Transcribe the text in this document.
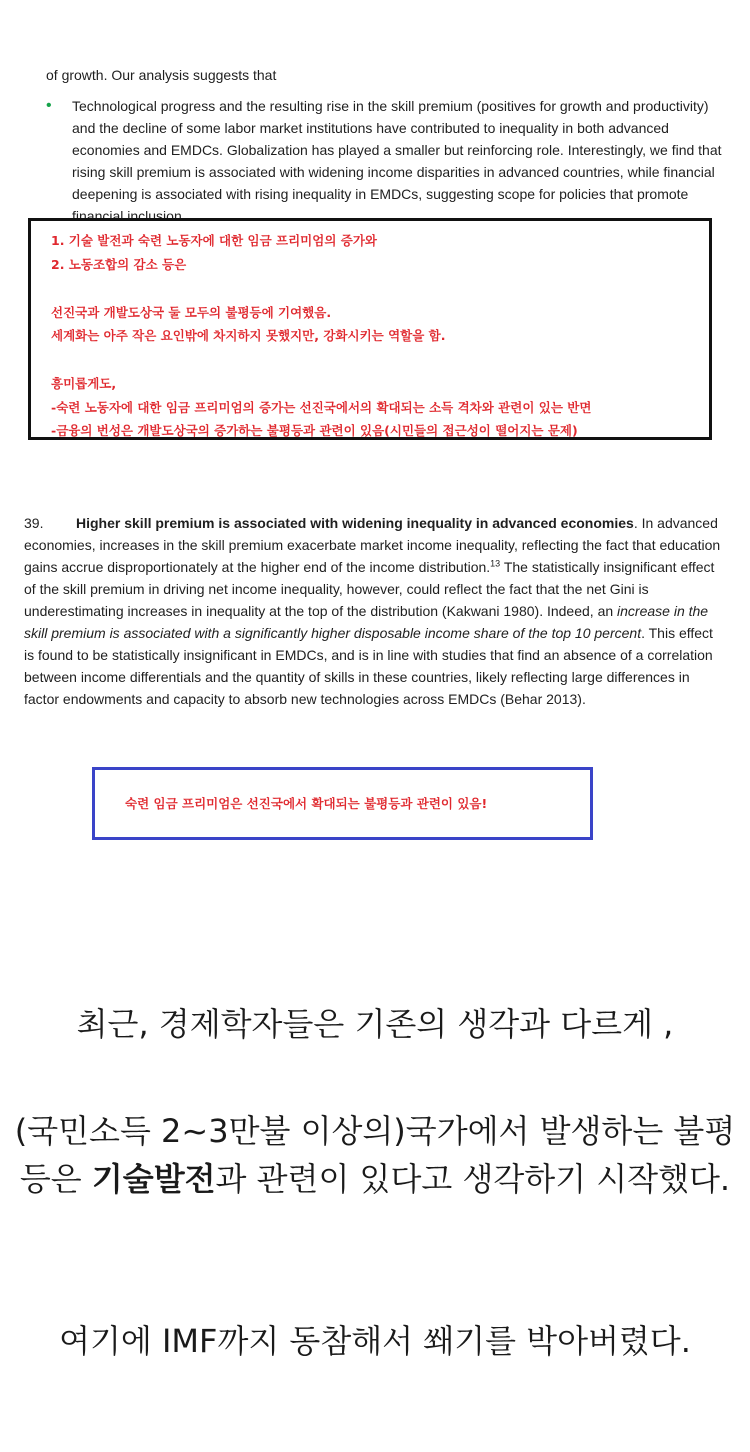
of growth. Our analysis suggests that
• Technological progress and the resulting rise in the skill premium (positives for growth and productivity) and the decline of some labor market institutions have contributed to inequality in both advanced economies and EMDCs. Globalization has played a smaller but reinforcing role. Interestingly, we find that rising skill premium is associated with widening income disparities in advanced countries, while financial deepening is associated with rising inequality in EMDCs, suggesting scope for policies that promote financial inclusion.

1. 기술 발전과 숙련 노동자에 대한 임금 프리미엄의 증가와
2. 노동조합의 감소 등은
선진국과 개발도상국 둘 모두의 불평등에 기여했음.
세계화는 아주 작은 요인밖에 차지하지 못했지만, 강화시키는 역할을 함.
흥미롭게도,
-숙련 노동자에 대한 임금 프리미엄의 증가는 선진국에서의 확대되는 소득 격차와 관련이 있는 반면
-금융의 번성은 개발도상국의 증가하는 불평등과 관련이 있음(시민들의 접근성이 떨어지는 문제)
39. Higher skill premium is associated with widening inequality in advanced economies. In advanced economies, increases in the skill premium exacerbate market income inequality, reflecting the fact that education gains accrue disproportionately at the higher end of the income distribution.$^{13}$ The statistically insignificant effect of the skill premium in driving net income inequality, however, could reflect the fact that the net Gini is underestimating increases in inequality at the top of the distribution (Kakwani 1980). Indeed, an increase in the skill premium is associated with a significantly higher disposable income share of the top 10 percent. This effect is found to be statistically insignificant in EMDCs, and is in line with studies that find an absence of a correlation between income differentials and the quantity of skills in these countries, likely reflecting large differences in factor endowments and capacity to absorb new technologies across EMDCs (Behar 2013).
숙련 임금 프리미엄은 선진국에서 확대되는 불평등과 관련이 있음!

최근, 경제학자들은 기존의 생각과 다르게 ,

(국민소득 2~3만불 이상의)국가에서 발생하는 불평등은 기술발전과 관련이 있다고 생각하기 시작했다.

여기에 IMF까지 동참해서 쐐기를 박아버렸다.
